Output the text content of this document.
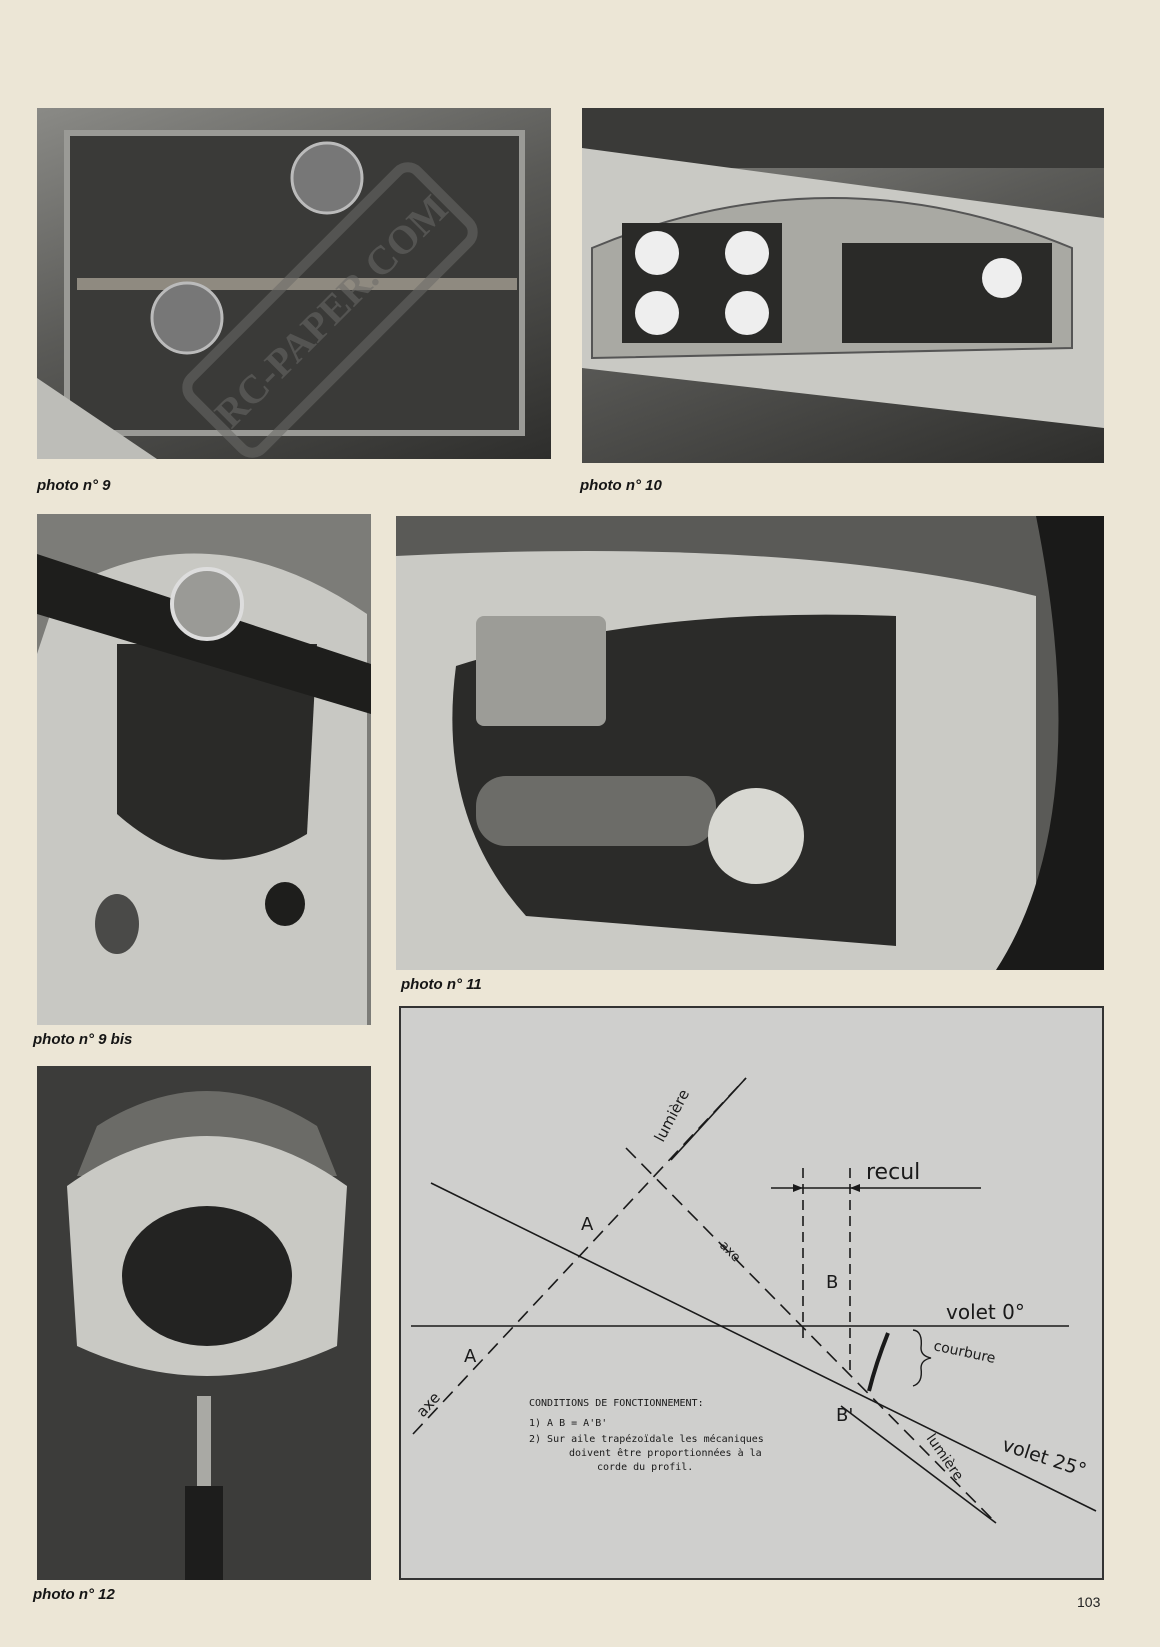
RC-PAPER.COM
photo n° 9	photo n° 10
photo n° 9 bis
photo n° 11
photo n° 12
recul
lumière
axe
axe
A
A
B
B'
volet 0°
volet 25°
courbure
lumière
CONDITIONS DE FONCTIONNEMENT:
1) A B = A'B'
2) Sur aile trapézoïdale les mécaniques
doivent être proportionnées à la
corde du profil.
103
